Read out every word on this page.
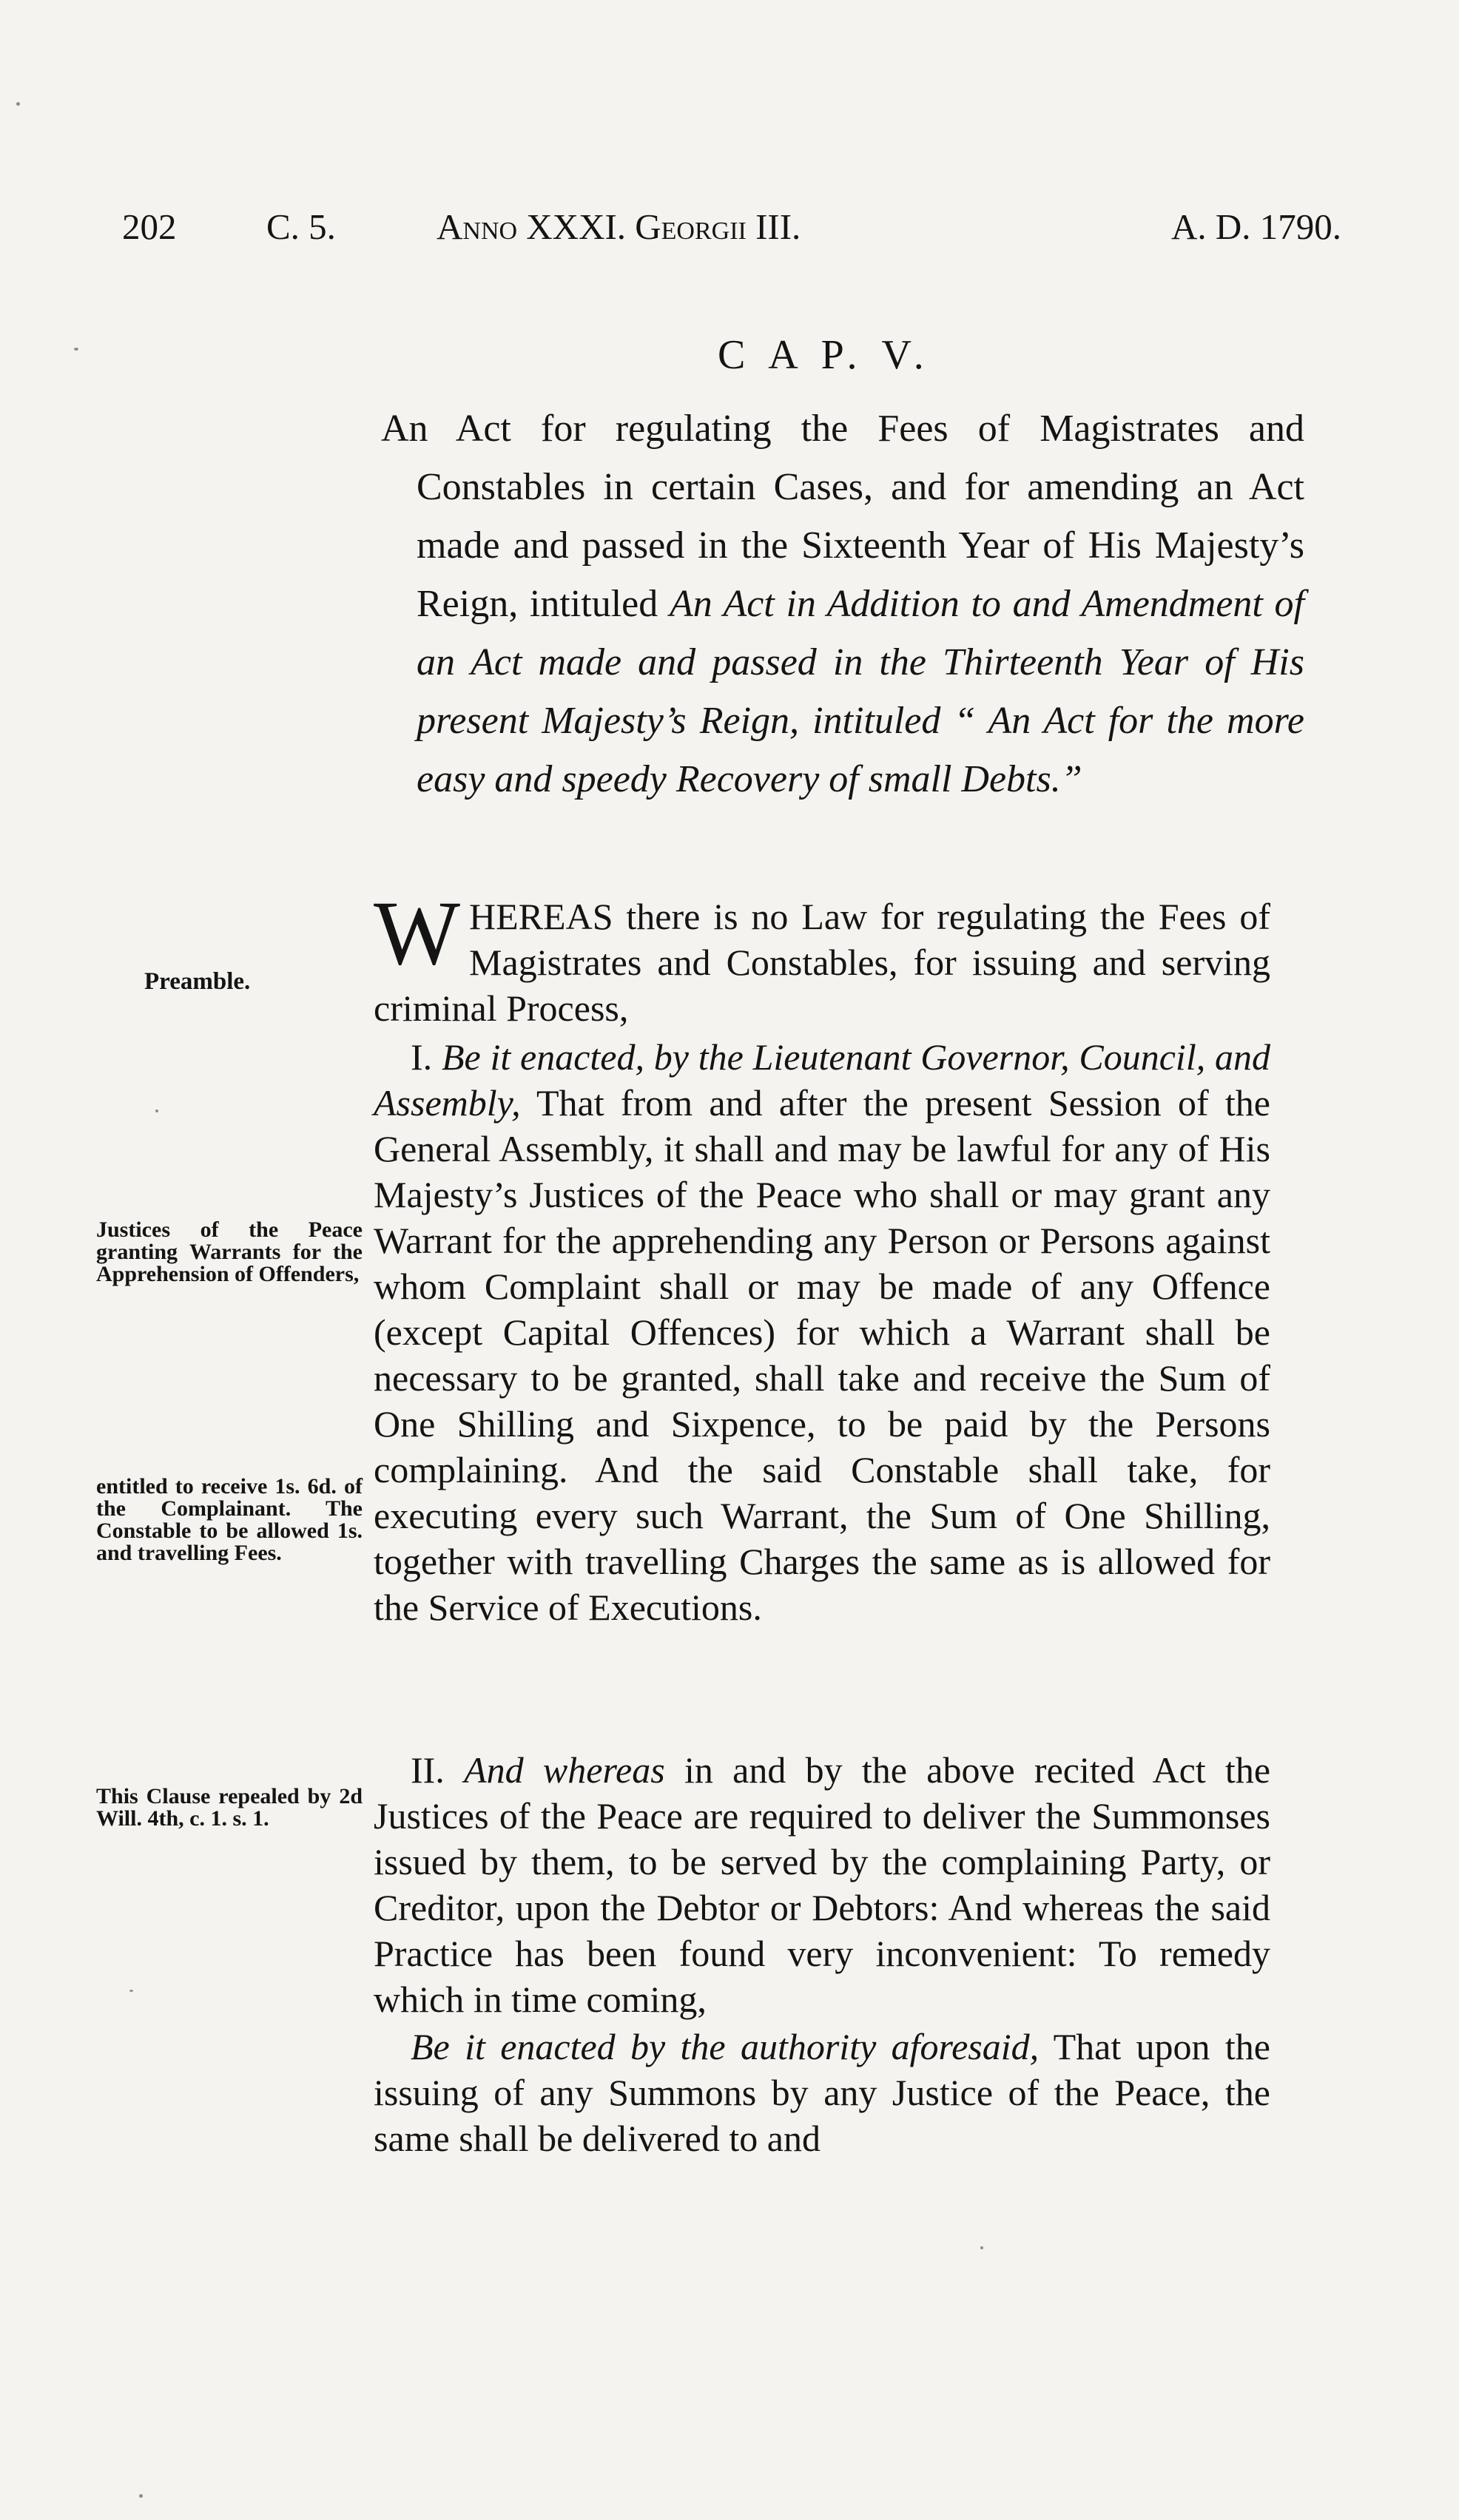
202 C. 5.	Anno XXXI. Georgii III.	A. D. 1790.
C A P. V.
An Act for regulating the Fees of Magistrates and Constables in certain Cases, and for amending an Act made and passed in the Sixteenth Year of His Majesty’s Reign, intituled An Act in Addition to and Amendment of an Act made and passed in the Thirteenth Year of His present Majesty’s Reign, intituled “ An Act for the more easy and speedy Recovery of small Debts.”
Preamble.
Justices of the Peace granting Warrants for the Apprehension of Offenders,
entitled to receive 1s. 6d. of the Complainant. The Constable to be allowed 1s. and travelling Fees.
This Clause repealed by 2d Will. 4th, c. 1. s. 1.
WHEREAS there is no Law for regulating the Fees of Magistrates and Constables, for issuing and serving criminal Process,
I. Be it enacted, by the Lieutenant Governor, Council, and Assembly, That from and after the present Session of the General Assembly, it shall and may be lawful for any of His Majesty’s Justices of the Peace who shall or may grant any Warrant for the apprehending any Person or Persons against whom Complaint shall or may be made of any Offence (except Capital Offences) for which a Warrant shall be necessary to be granted, shall take and receive the Sum of One Shilling and Sixpence, to be paid by the Persons complaining. And the said Constable shall take, for executing every such Warrant, the Sum of One Shilling, together with travelling Charges the same as is allowed for the Service of Executions.
II. And whereas in and by the above recited Act the Justices of the Peace are required to deliver the Summonses issued by them, to be served by the complaining Party, or Creditor, upon the Debtor or Debtors: And whereas the said Practice has been found very inconvenient: To remedy which in time coming,
Be it enacted by the authority aforesaid, That upon the issuing of any Summons by any Justice of the Peace, the same shall be delivered to and
